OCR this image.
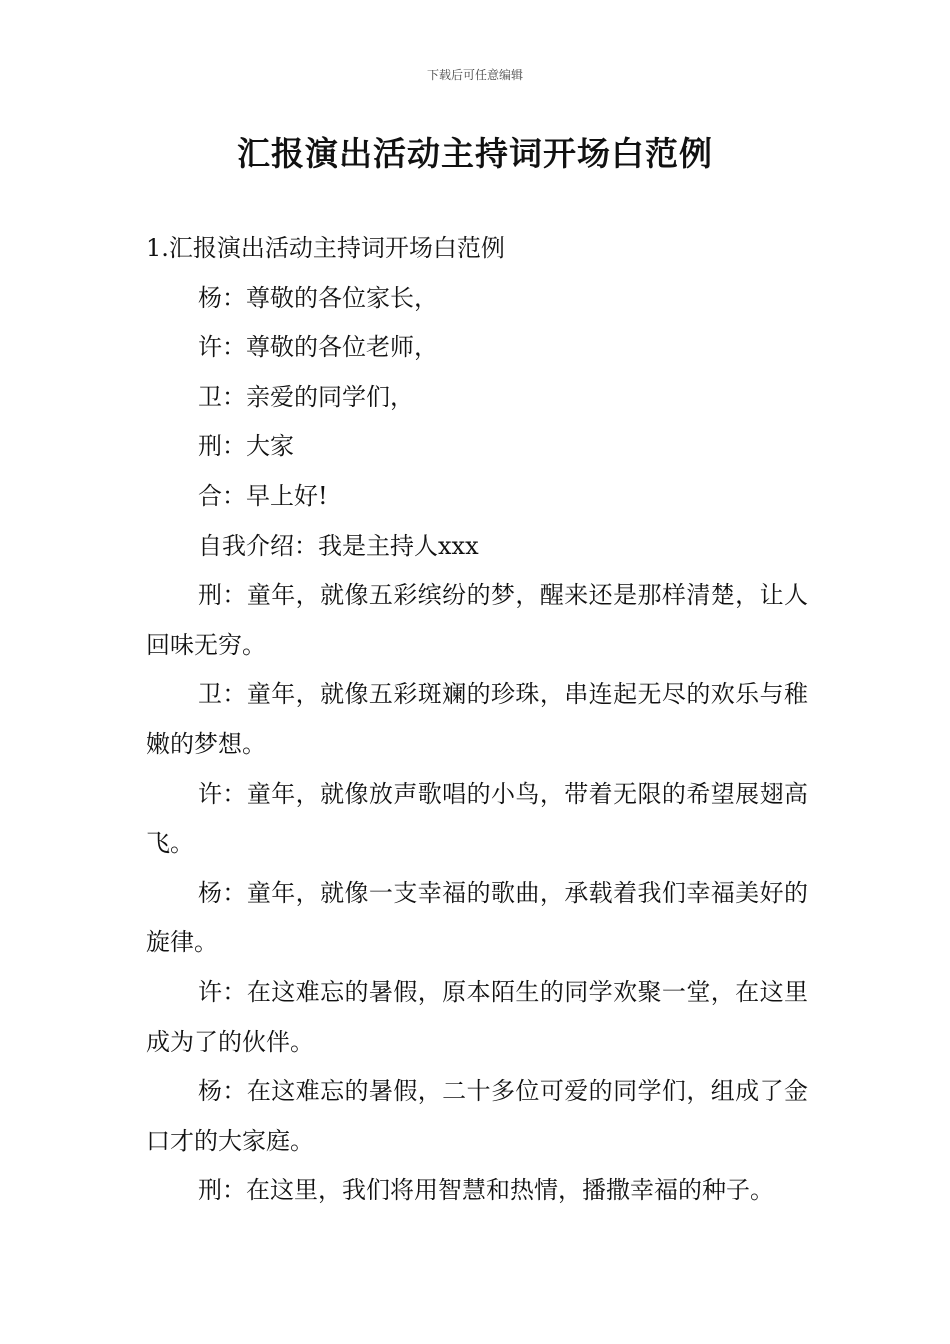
下载后可任意编辑
汇报演出活动主持词开场白范例

1.汇报演出活动主持词开场白范例

杨：尊敬的各位家长，

许：尊敬的各位老师，

卫：亲爱的同学们，

刑：大家

合：早上好!

自我介绍：我是主持人xxx

刑：童年，就像五彩缤纷的梦，醒来还是那样清楚，让人回味无穷。

卫：童年，就像五彩斑斓的珍珠，串连起无尽的欢乐与稚嫩的梦想。

许：童年，就像放声歌唱的小鸟，带着无限的希望展翅高飞。

杨：童年，就像一支幸福的歌曲，承载着我们幸福美好的旋律。

许：在这难忘的暑假，原本陌生的同学欢聚一堂，在这里成为了的伙伴。

杨：在这难忘的暑假，二十多位可爱的同学们，组成了金口才的大家庭。

刑：在这里，我们将用智慧和热情，播撒幸福的种子。
